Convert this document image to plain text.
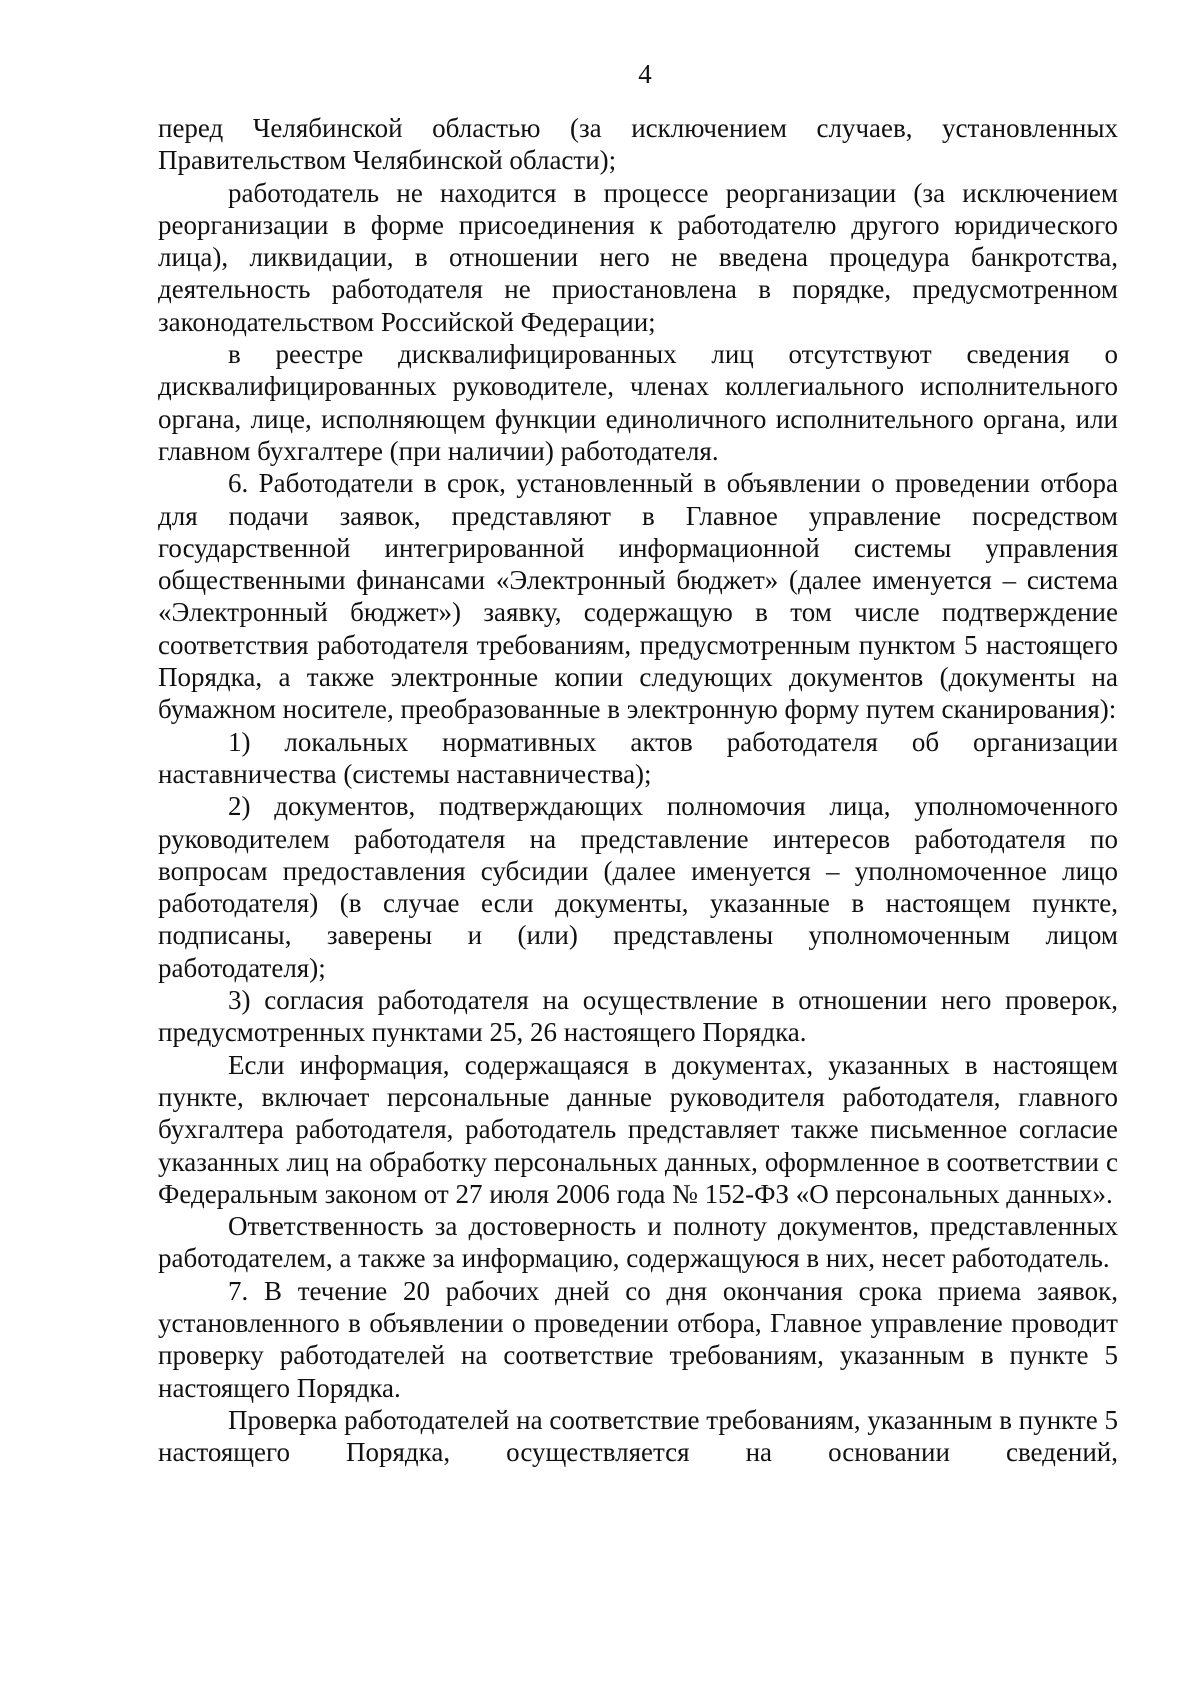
4

перед Челябинской областью (за исключением случаев, установленных Правительством Челябинской области);

работодатель не находится в процессе реорганизации (за исключением реорганизации в форме присоединения к работодателю другого юридического лица), ликвидации, в отношении него не введена процедура банкротства, деятельность работодателя не приостановлена в порядке, предусмотренном законодательством Российской Федерации;

в реестре дисквалифицированных лиц отсутствуют сведения о дисквалифицированных руководителе, членах коллегиального исполнительного органа, лице, исполняющем функции единоличного исполнительного органа, или главном бухгалтере (при наличии) работодателя.

6. Работодатели в срок, установленный в объявлении о проведении отбора для подачи заявок, представляют в Главное управление посредством государственной интегрированной информационной системы управления общественными финансами «Электронный бюджет» (далее именуется – система «Электронный бюджет») заявку, содержащую в том числе подтверждение соответствия работодателя требованиям, предусмотренным пунктом 5 настоящего Порядка, а также электронные копии следующих документов (документы на бумажном носителе, преобразованные в электронную форму путем сканирования):

1) локальных нормативных актов работодателя об организации наставничества (системы наставничества);

2) документов, подтверждающих полномочия лица, уполномоченного руководителем работодателя на представление интересов работодателя по вопросам предоставления субсидии (далее именуется – уполномоченное лицо работодателя) (в случае если документы, указанные в настоящем пункте, подписаны, заверены и (или) представлены уполномоченным лицом работодателя);

3) согласия работодателя на осуществление в отношении него проверок, предусмотренных пунктами 25, 26 настоящего Порядка.

Если информация, содержащаяся в документах, указанных в настоящем пункте, включает персональные данные руководителя работодателя, главного бухгалтера работодателя, работодатель представляет также письменное согласие указанных лиц на обработку персональных данных, оформленное в соответствии с Федеральным законом от 27 июля 2006 года № 152-ФЗ «О персональных данных».

Ответственность за достоверность и полноту документов, представленных работодателем, а также за информацию, содержащуюся в них, несет работодатель.

7. В течение 20 рабочих дней со дня окончания срока приема заявок, установленного в объявлении о проведении отбора, Главное управление проводит проверку работодателей на соответствие требованиям, указанным в пункте 5 настоящего Порядка.

Проверка работодателей на соответствие требованиям, указанным в пункте 5 настоящего Порядка, осуществляется на основании сведений,
